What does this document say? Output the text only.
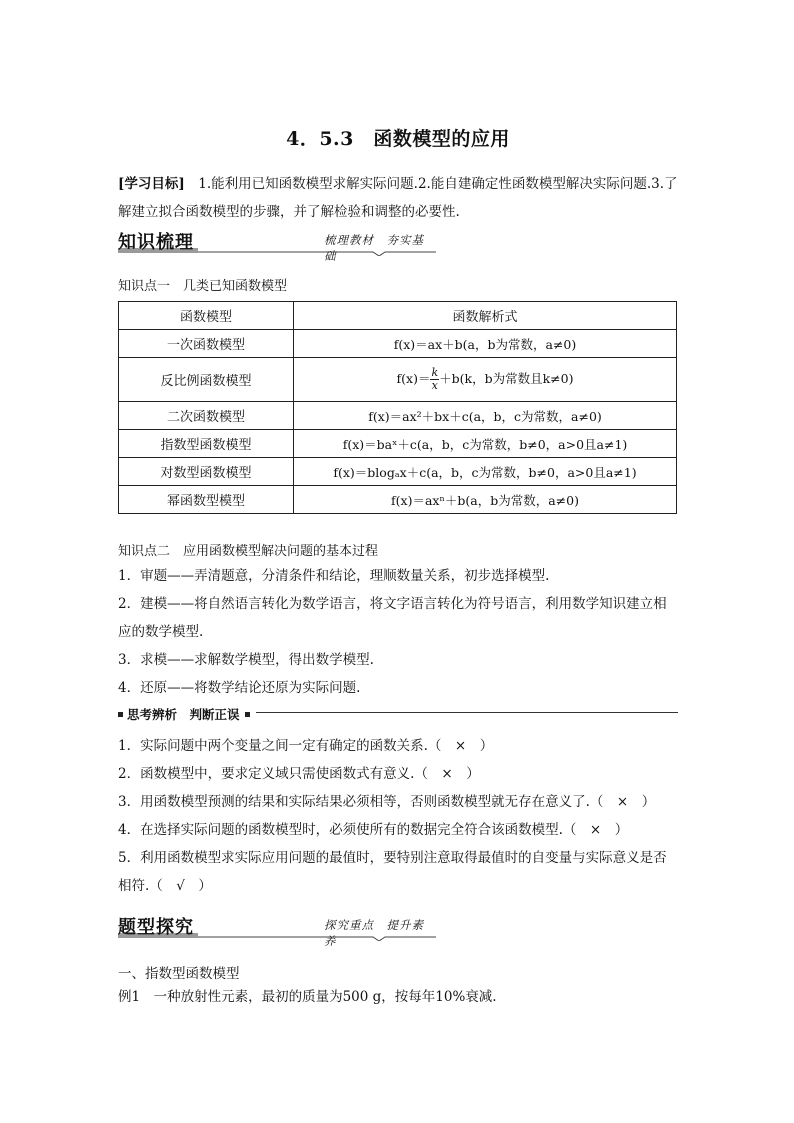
4．5.3　函数模型的应用
[学习目标]　1.能利用已知函数模型求解实际问题.2.能自建确定性函数模型解决实际问题.3.了解建立拟合函数模型的步骤，并了解检验和调整的必要性.
知识梳理	梳理教材　夯实基础
知识点一　几类已知函数模型
函数模型	函数解析式
一次函数模型	f(x)＝ax＋b(a，b为常数，a≠0)
反比例函数模型	$f(x)= \frac{k}{x} +b(k$，b为常数且k≠0)
二次函数模型	f(x)＝ax²＋bx＋c(a，b，c为常数，a≠0)
指数型函数模型	f(x)＝baˣ＋c(a，b，c为常数，b≠0，a>0且a≠1)
对数型函数模型	f(x)＝blogₐx＋c(a，b，c为常数，b≠0，a>0且a≠1)
幂函数型模型	f(x)＝axⁿ＋b(a，b为常数，a≠0)
知识点二　应用函数模型解决问题的基本过程
1．审题——弄清题意，分清条件和结论，理顺数量关系，初步选择模型.
2．建模——将自然语言转化为数学语言，将文字语言转化为符号语言，利用数学知识建立相应的数学模型.
3．求模——求解数学模型，得出数学模型.
4．还原——将数学结论还原为实际问题.
思考辨析　判断正误
1．实际问题中两个变量之间一定有确定的函数关系.（　×　）
2．函数模型中，要求定义域只需使函数式有意义.（　×　）
3．用函数模型预测的结果和实际结果必须相等，否则函数模型就无存在意义了.（　×　）
4．在选择实际问题的函数模型时，必须使所有的数据完全符合该函数模型.（　×　）
5．利用函数模型求实际应用问题的最值时，要特别注意取得最值时的自变量与实际意义是否相符.（　√　）
题型探究	探究重点　提升素养
一、指数型函数模型
例1　一种放射性元素，最初的质量为500 g，按每年10%衰减.
